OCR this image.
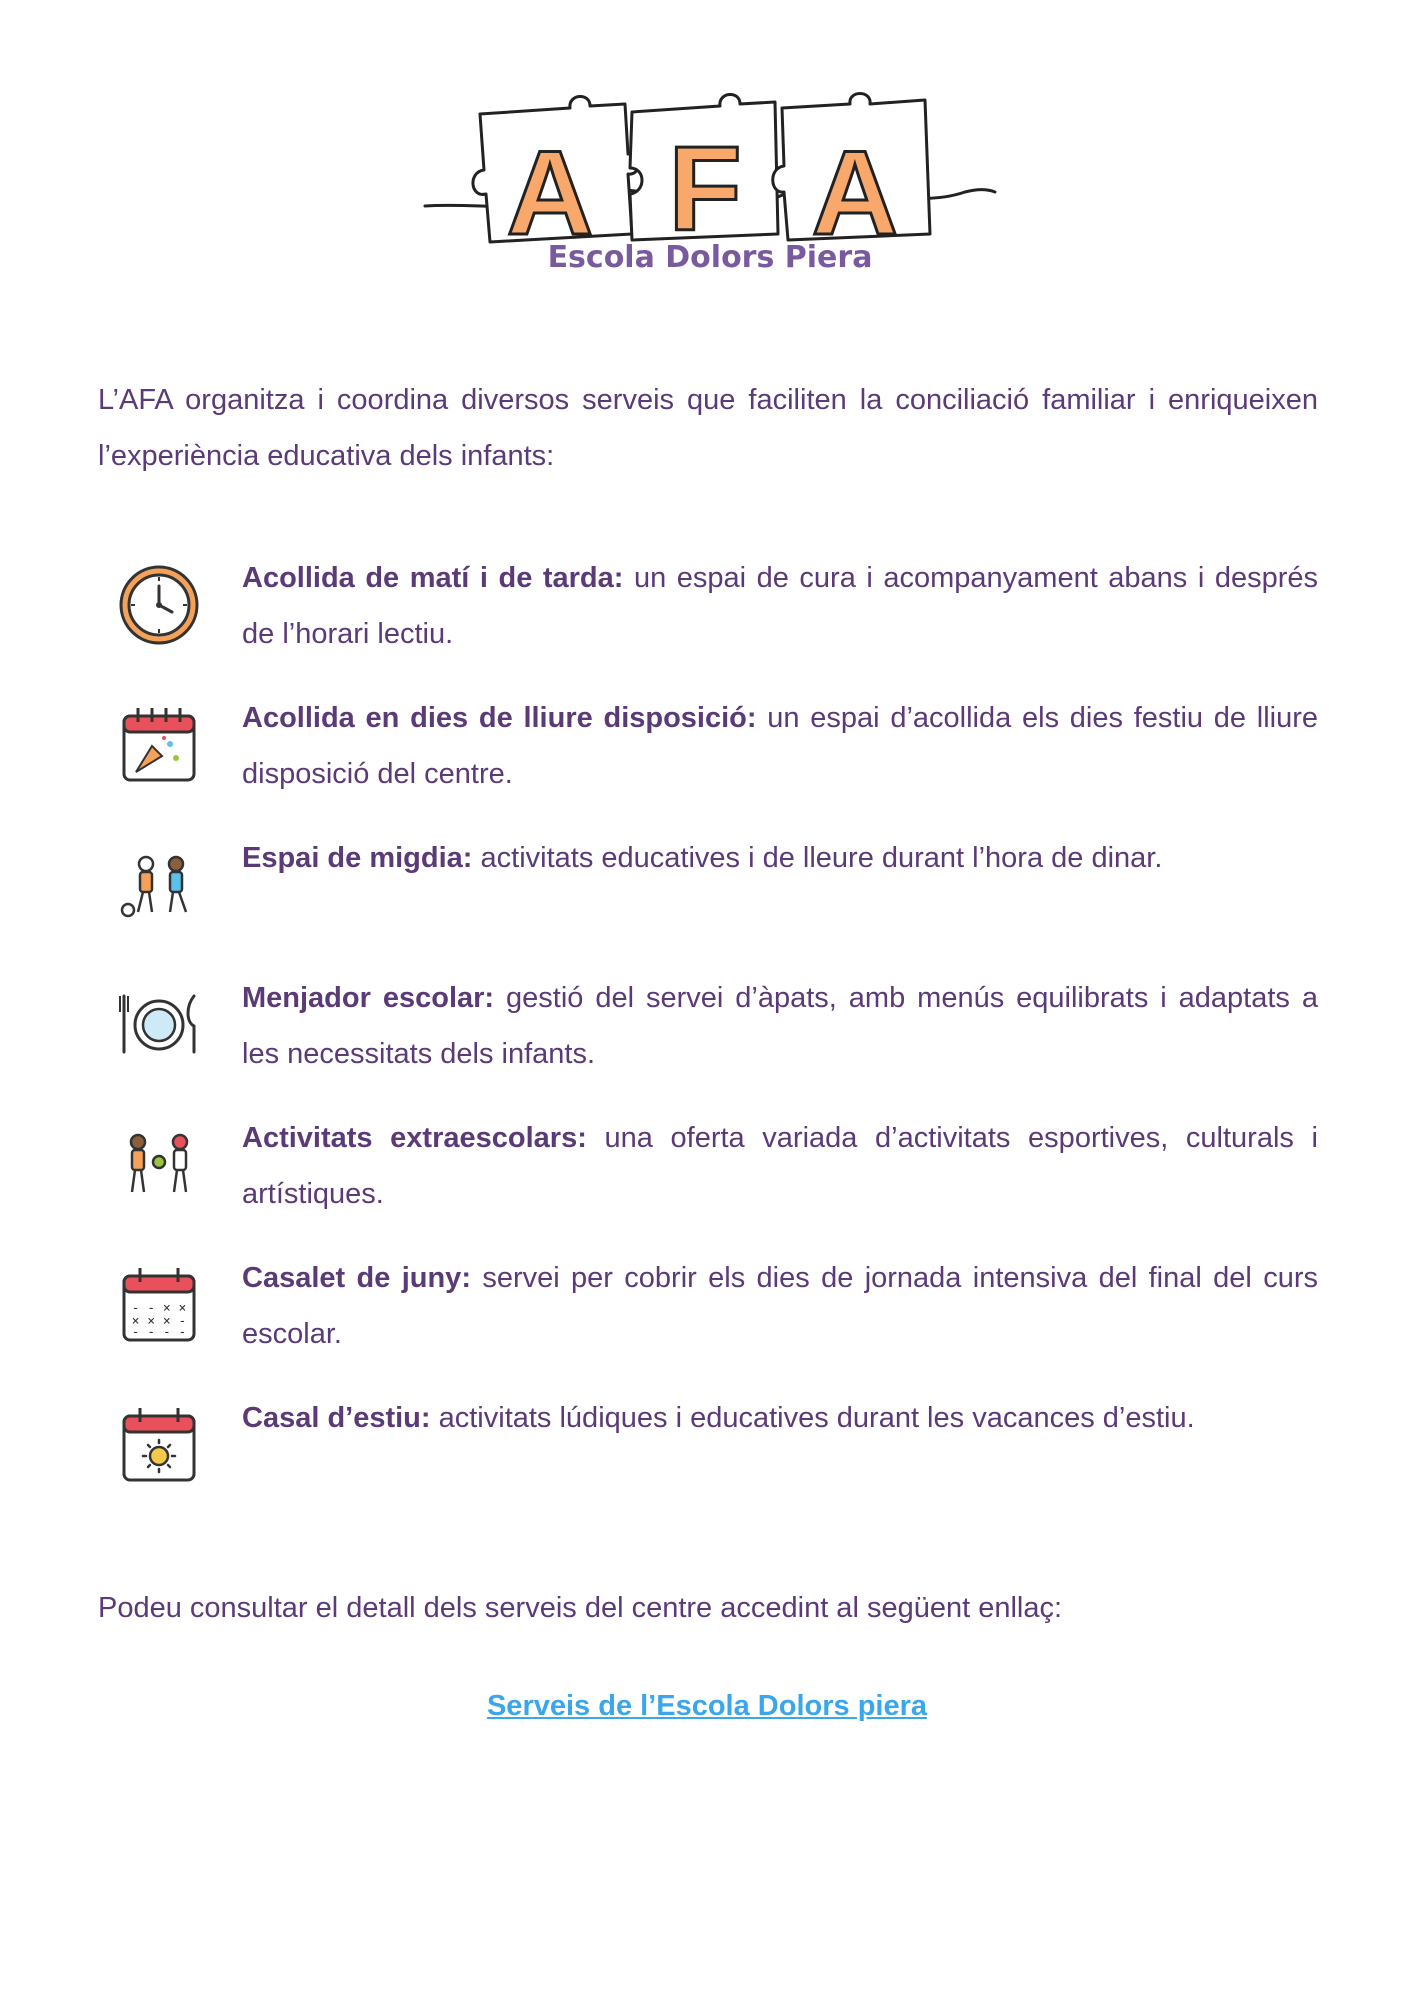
A F A
Escola Dolors Piera

L’AFA organitza i coordina diversos serveis que faciliten la conciliació familiar i enriqueixen l’experiència educativa dels infants:

Acollida de matí i de tarda: un espai de cura i acompanyament abans i després de l’horari lectiu.

Acollida en dies de lliure disposició: un espai d’acollida els dies festiu de lliure disposició del centre.

Espai de migdia: activitats educatives i de lleure durant l’hora de dinar.

Menjador escolar: gestió del servei d’àpats, amb menús equilibrats i adaptats a les necessitats dels infants.

Activitats extraescolars: una oferta variada d’activitats esportives, culturals i artístiques.

- - × ×
× × × -
- - - -

Casalet de juny: servei per cobrir els dies de jornada intensiva del final del curs escolar.

Casal d’estiu: activitats lúdiques i educatives durant les vacances d’estiu.

Podeu consultar el detall dels serveis del centre accedint al següent enllaç:

Serveis de l’Escola Dolors piera
